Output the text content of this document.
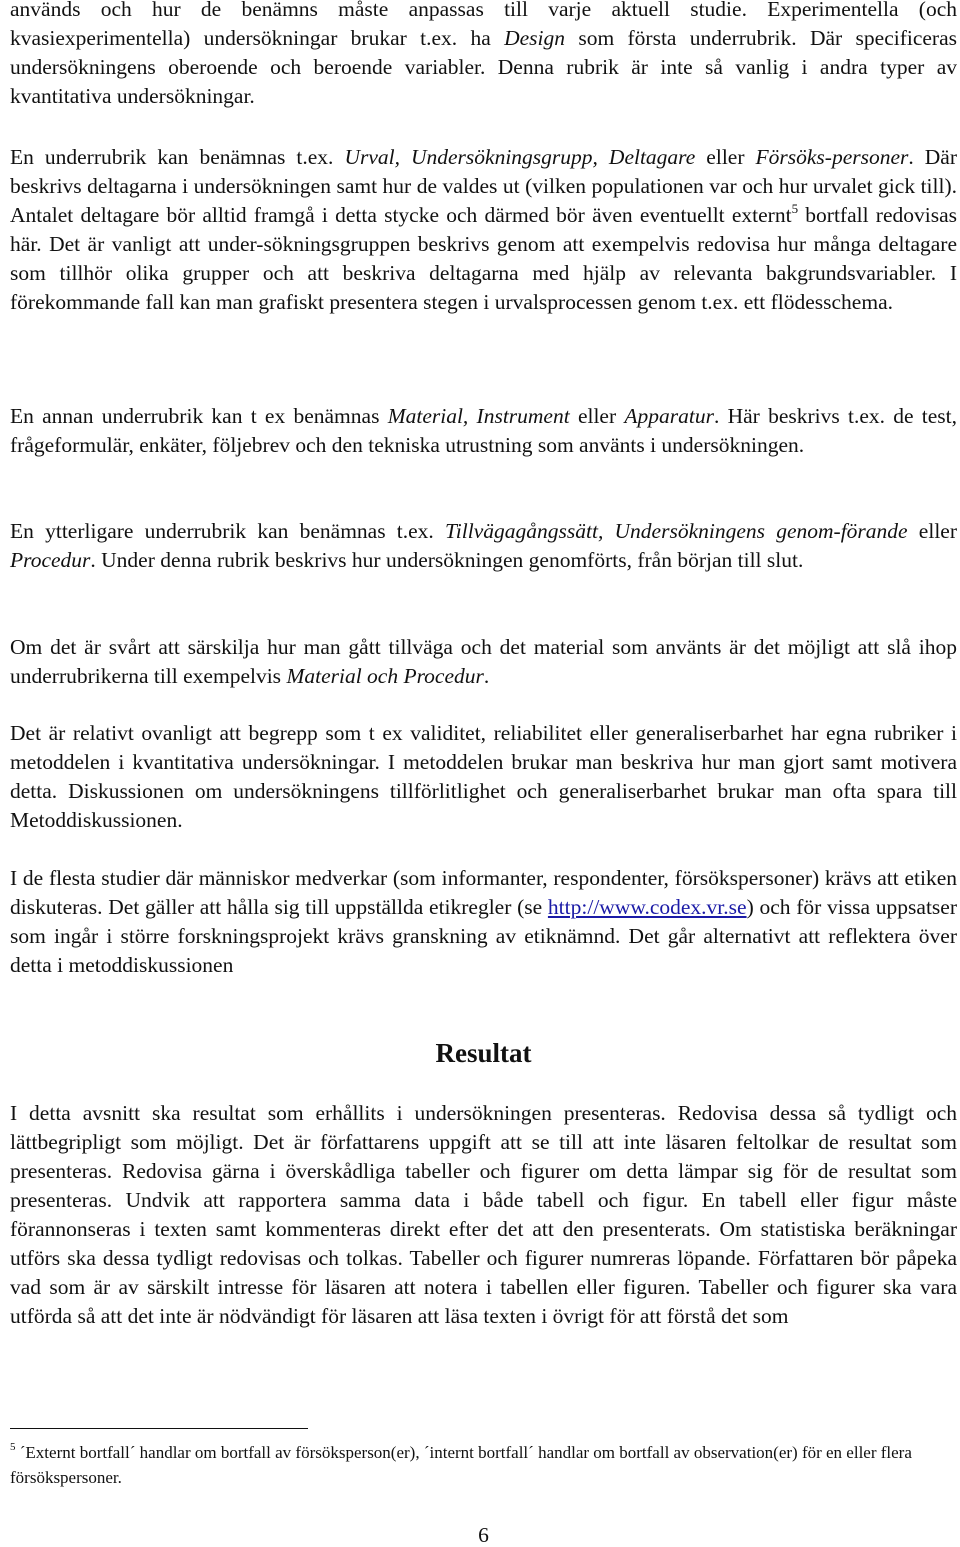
används och hur de benämns måste anpassas till varje aktuell studie. Experimentella (och kvasiexperimentella) undersökningar brukar t.ex. ha Design som första underrubrik. Där specificeras undersökningens oberoende och beroende variabler. Denna rubrik är inte så vanlig i andra typer av kvantitativa undersökningar.

En underrubrik kan benämnas t.ex. Urval, Undersökningsgrupp, Deltagare eller Försöks-personer. Där beskrivs deltagarna i undersökningen samt hur de valdes ut (vilken populationen var och hur urvalet gick till). Antalet deltagare bör alltid framgå i detta stycke och därmed bör även eventuellt externt$^5$ bortfall redovisas här. Det är vanligt att under-sökningsgruppen beskrivs genom att exempelvis redovisa hur många deltagare som tillhör olika grupper och att beskriva deltagarna med hjälp av relevanta bakgrundsvariabler. I förekommande fall kan man grafiskt presentera stegen i urvalsprocessen genom t.ex. ett flödesschema.

En annan underrubrik kan t ex benämnas Material, Instrument eller Apparatur. Här beskrivs t.ex. de test, frågeformulär, enkäter, följebrev och den tekniska utrustning som använts i undersökningen.

En ytterligare underrubrik kan benämnas t.ex. Tillvägagångssätt, Undersökningens genom-förande eller Procedur. Under denna rubrik beskrivs hur undersökningen genomförts, från början till slut.

Om det är svårt att särskilja hur man gått tillväga och det material som använts är det möjligt att slå ihop underrubrikerna till exempelvis Material och Procedur.

Det är relativt ovanligt att begrepp som t ex validitet, reliabilitet eller generaliserbarhet har egna rubriker i metoddelen i kvantitativa undersökningar. I metoddelen brukar man beskriva hur man gjort samt motivera detta. Diskussionen om undersökningens tillförlitlighet och generaliserbarhet brukar man ofta spara till Metoddiskussionen.

I de flesta studier där människor medverkar (som informanter, respondenter, försökspersoner) krävs att etiken diskuteras. Det gäller att hålla sig till uppställda etikregler (se http://www.codex.vr.se) och för vissa uppsatser som ingår i större forskningsprojekt krävs granskning av etiknämnd. Det går alternativt att reflektera över detta i metoddiskussionen

Resultat

I detta avsnitt ska resultat som erhållits i undersökningen presenteras. Redovisa dessa så tydligt och lättbegripligt som möjligt. Det är författarens uppgift att se till att inte läsaren feltolkar de resultat som presenteras. Redovisa gärna i överskådliga tabeller och figurer om detta lämpar sig för de resultat som presenteras. Undvik att rapportera samma data i både tabell och figur. En tabell eller figur måste förannonseras i texten samt kommenteras direkt efter det att den presenterats. Om statistiska beräkningar utförs ska dessa tydligt redovisas och tolkas. Tabeller och figurer numreras löpande. Författaren bör påpeka vad som är av särskilt intresse för läsaren att notera i tabellen eller figuren. Tabeller och figurer ska vara utförda så att det inte är nödvändigt för läsaren att läsa texten i övrigt för att förstå det som

$^5$ ´Externt bortfall´ handlar om bortfall av försöksperson(er), ´internt bortfall´ handlar om bortfall av observation(er) för en eller flera försökspersoner.

6
